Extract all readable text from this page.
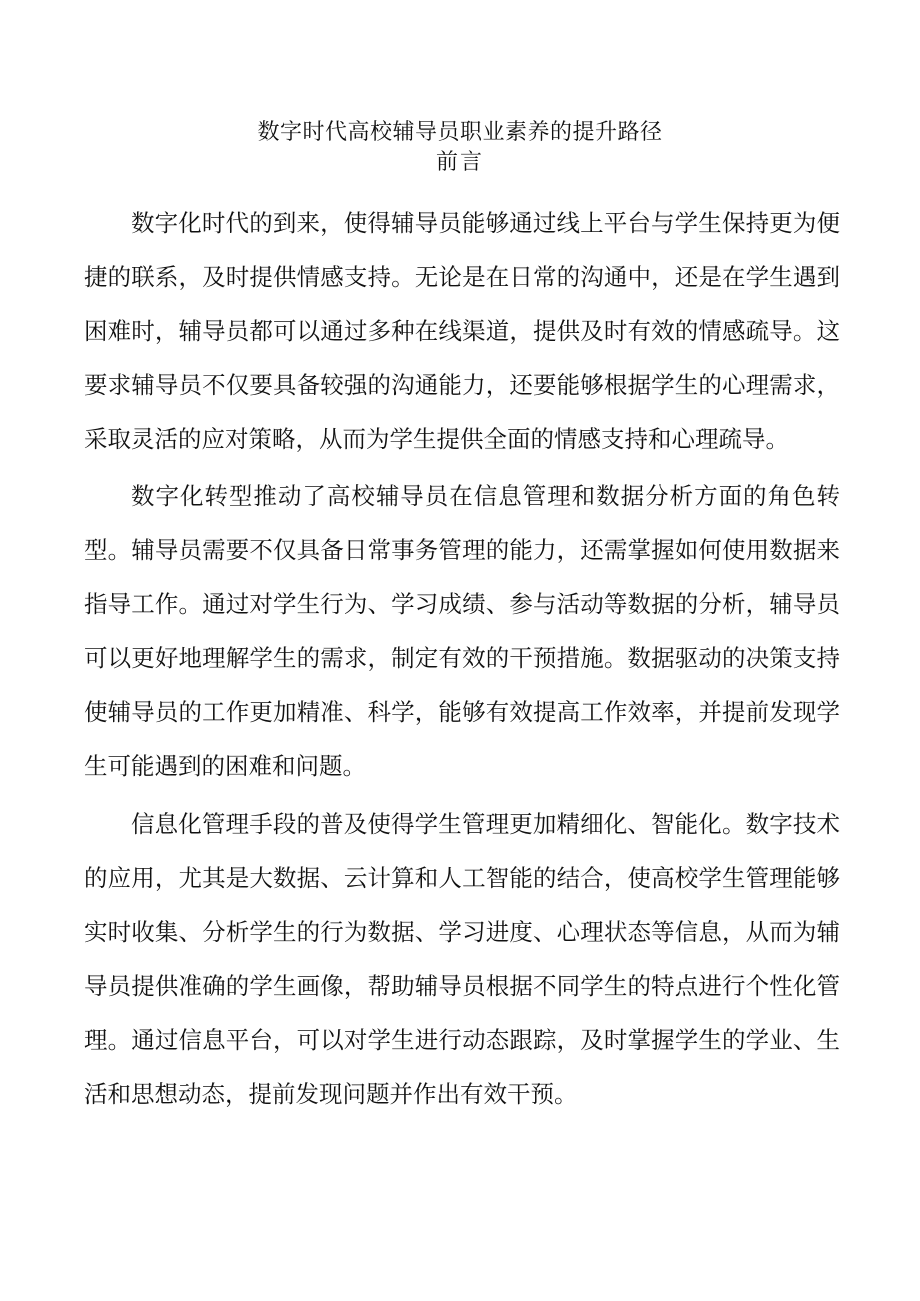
数字时代高校辅导员职业素养的提升路径
前言

数字化时代的到来，使得辅导员能够通过线上平台与学生保持更为便捷的联系，及时提供情感支持。无论是在日常的沟通中，还是在学生遇到困难时，辅导员都可以通过多种在线渠道，提供及时有效的情感疏导。这要求辅导员不仅要具备较强的沟通能力，还要能够根据学生的心理需求，采取灵活的应对策略，从而为学生提供全面的情感支持和心理疏导。

数字化转型推动了高校辅导员在信息管理和数据分析方面的角色转型。辅导员需要不仅具备日常事务管理的能力，还需掌握如何使用数据来指导工作。通过对学生行为、学习成绩、参与活动等数据的分析，辅导员可以更好地理解学生的需求，制定有效的干预措施。数据驱动的决策支持使辅导员的工作更加精准、科学，能够有效提高工作效率，并提前发现学生可能遇到的困难和问题。

信息化管理手段的普及使得学生管理更加精细化、智能化。数字技术的应用，尤其是大数据、云计算和人工智能的结合，使高校学生管理能够实时收集、分析学生的行为数据、学习进度、心理状态等信息，从而为辅导员提供准确的学生画像，帮助辅导员根据不同学生的特点进行个性化管理。通过信息平台，可以对学生进行动态跟踪，及时掌握学生的学业、生活和思想动态，提前发现问题并作出有效干预。
